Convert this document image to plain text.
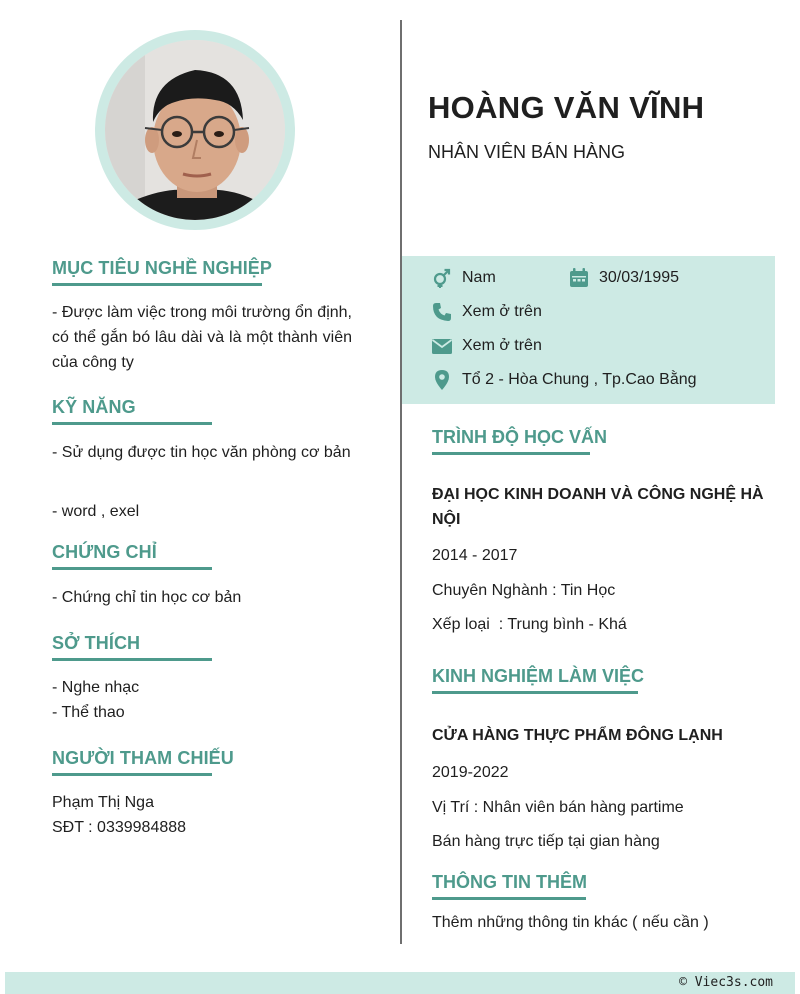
HOÀNG VĂN VĨNH
NHÂN VIÊN BÁN HÀNG
Nam	30/03/1995
Xem ở trên
Xem ở trên
Tổ 2 - Hòa Chung , Tp.Cao Bằng
MỤC TIÊU NGHỀ NGHIỆP
- Được làm việc trong môi trường ổn định, có thể gắn bó lâu dài và là một thành viên của công ty
KỸ NĂNG
- Sử dụng được tin học văn phòng cơ bản
- word , exel
CHỨNG CHỈ
- Chứng chỉ tin học cơ bản
SỞ THÍCH
- Nghe nhạc
- Thể thao
NGƯỜI THAM CHIẾU
Phạm Thị Nga
SĐT : 0339984888
TRÌNH ĐỘ HỌC VẤN
ĐẠI HỌC KINH DOANH VÀ CÔNG NGHỆ HÀ NỘI
2014 - 2017
Chuyên Nghành : Tin Học
Xếp loại  : Trung bình - Khá
KINH NGHIỆM LÀM VIỆC
CỬA HÀNG THỰC PHẨM ĐÔNG LẠNH
2019-2022
Vị Trí : Nhân viên bán hàng partime
Bán hàng trực tiếp tại gian hàng
THÔNG TIN THÊM
Thêm những thông tin khác ( nếu cần )
© Viec3s.com
